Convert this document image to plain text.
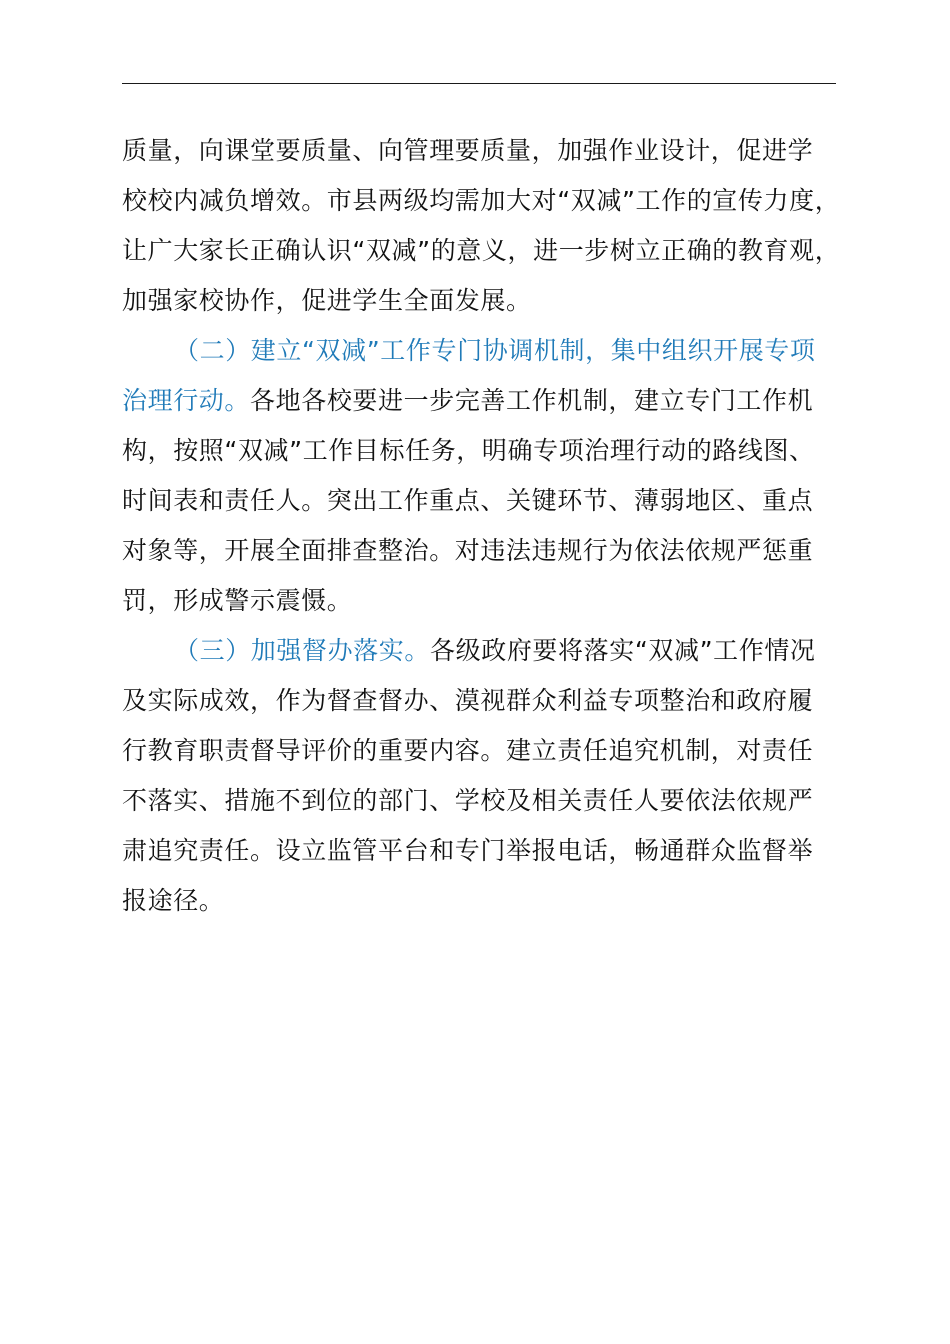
质量，向课堂要质量、向管理要质量，加强作业设计，促进学
校校内减负增效。市县两级均需加大对“双减”工作的宣传力度，
让广大家长正确认识“双减”的意义，进一步树立正确的教育观，
加强家校协作，促进学生全面发展。
（二）建立“双减”工作专门协调机制，集中组织开展专项
治理行动。各地各校要进一步完善工作机制，建立专门工作机
构，按照“双减”工作目标任务，明确专项治理行动的路线图、
时间表和责任人。突出工作重点、关键环节、薄弱地区、重点
对象等，开展全面排查整治。对违法违规行为依法依规严惩重
罚，形成警示震慑。
（三）加强督办落实。各级政府要将落实“双减”工作情况
及实际成效，作为督查督办、漠视群众利益专项整治和政府履
行教育职责督导评价的重要内容。建立责任追究机制，对责任
不落实、措施不到位的部门、学校及相关责任人要依法依规严
肃追究责任。设立监管平台和专门举报电话，畅通群众监督举
报途径。
